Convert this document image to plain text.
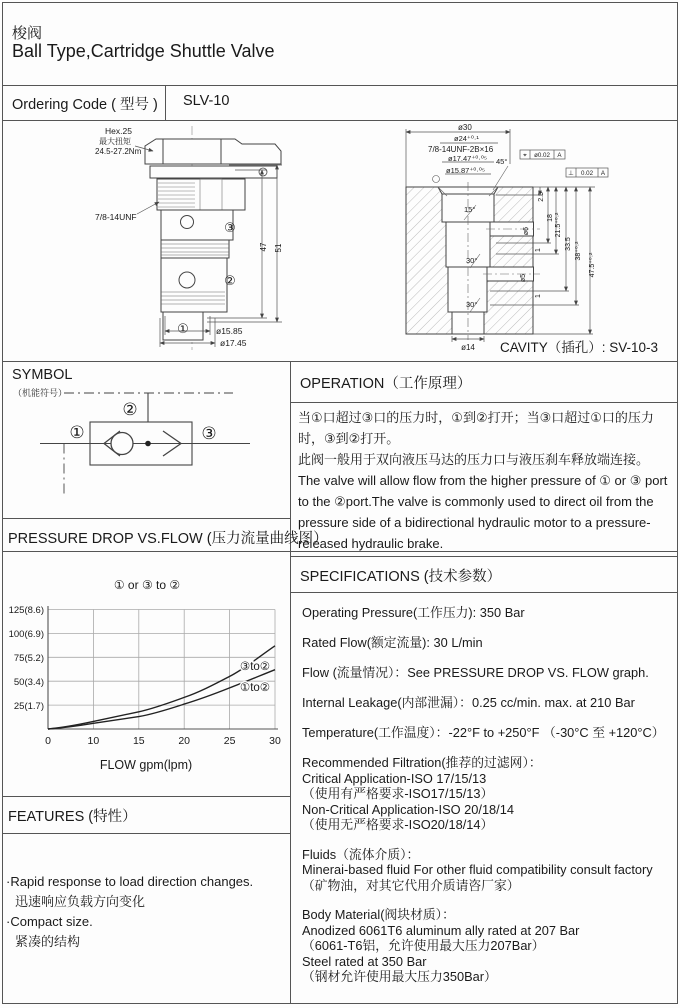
梭阀
Ball Type,Cartridge Shuttle Valve
Ordering Code ( 型号 ) SLV-10
Hex.25
最大扭矩
24.5-27.2Nm
7/8-14UNF
③
②
①
47 51
ø15.85
ø17.45
⌖ ø0.02 A
⊥ 0.02 A
ø30
ø24⁺⁰·¹
7/8-14UNF-2B×16
ø17.47⁺⁰·⁰⁵
ø15.87⁺⁰·⁰⁵
45°
15°
30°
30°
ø6
ø5
1
1
2.5
18 21.5⁺⁰·²
33.5 38⁺⁰·²
47.5⁺⁰·²
ø14 CAVITY（插孔）: SV-10-3
SYMBOL
（机能符号）
①
②
③
PRESSURE DROP VS.FLOW (压力流量曲线图）
① or ③ to ②
③to②
①to②
125(8.6)
100(6.9)
75(5.2)
50(3.4)
25(1.7)
0	10	15	20	25	30
FLOW gpm(lpm)
FEATURES (特性）
·Rapid response to load direction changes.
迅速响应负载方向变化
·Compact size.
紧凑的结构
OPERATION（工作原理）

当①口超过③口的压力时，①到②打开；当③口超过①口的压力时，③到②打开。

此阀一般用于双向液压马达的压力口与液压刹车释放端连接。

The valve will allow flow from the higher pressure of ① or ③ port to the ②port.The valve is commonly used to direct oil from the pressure side of a bidirectional hydraulic motor to a pressure-released hydraulic brake.

SPECIFICATIONS (技术参数）
Operating Pressure(工作压力): 350 Bar
Rated Flow(额定流量): 30 L/min
Flow (流量情况）：See PRESSURE DROP VS. FLOW graph.
Internal Leakage(内部泄漏）：0.25 cc/min. max. at 210 Bar
Temperature(工作温度）：-22°F to +250°F （-30°C 至 +120°C）
Recommended Filtration(推荐的过滤网）：
Critical Application-ISO 17/15/13
（使用有严格要求-ISO17/15/13）
Non-Critical Application-ISO 20/18/14
（使用无严格要求-ISO20/18/14）
Fluids（流体介质）：
Minerai-based fluid For other fluid compatibility consult factory
（矿物油，对其它代用介质请咨厂家）
Body Material(阀块材质）：
Anodized 6061T6 aluminum ally rated at 207 Bar
（6061-T6铝，允许使用最大压力207Bar）
Steel rated at 350 Bar
（钢材允许使用最大压力350Bar）
